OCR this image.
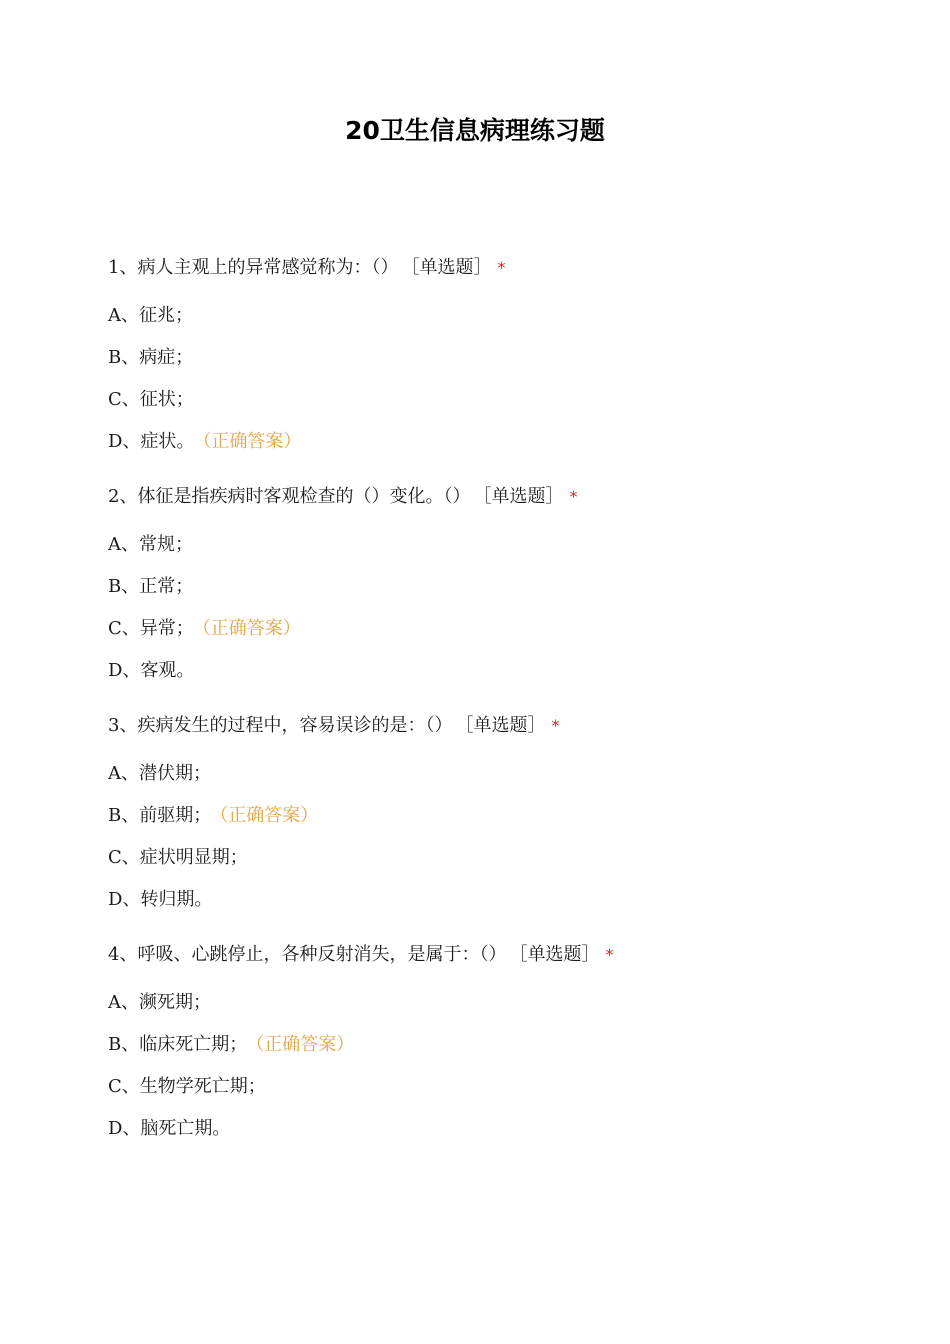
20卫生信息病理练习题
1、病人主观上的异常感觉称为：（） ［单选题］ *
A、征兆；
B、病症；
C、征状；
D、症状。 （正确答案）
2、体征是指疾病时客观检查的（）变化。（） ［单选题］ *
A、常规；
B、正常；
C、异常； （正确答案）
D、客观。
3、疾病发生的过程中，容易误诊的是：（） ［单选题］ *
A、潜伏期；
B、前驱期； （正确答案）
C、症状明显期；
D、转归期。
4、呼吸、心跳停止，各种反射消失，是属于：（） ［单选题］ *
A、濒死期；
B、临床死亡期； （正确答案）
C、生物学死亡期；
D、脑死亡期。
